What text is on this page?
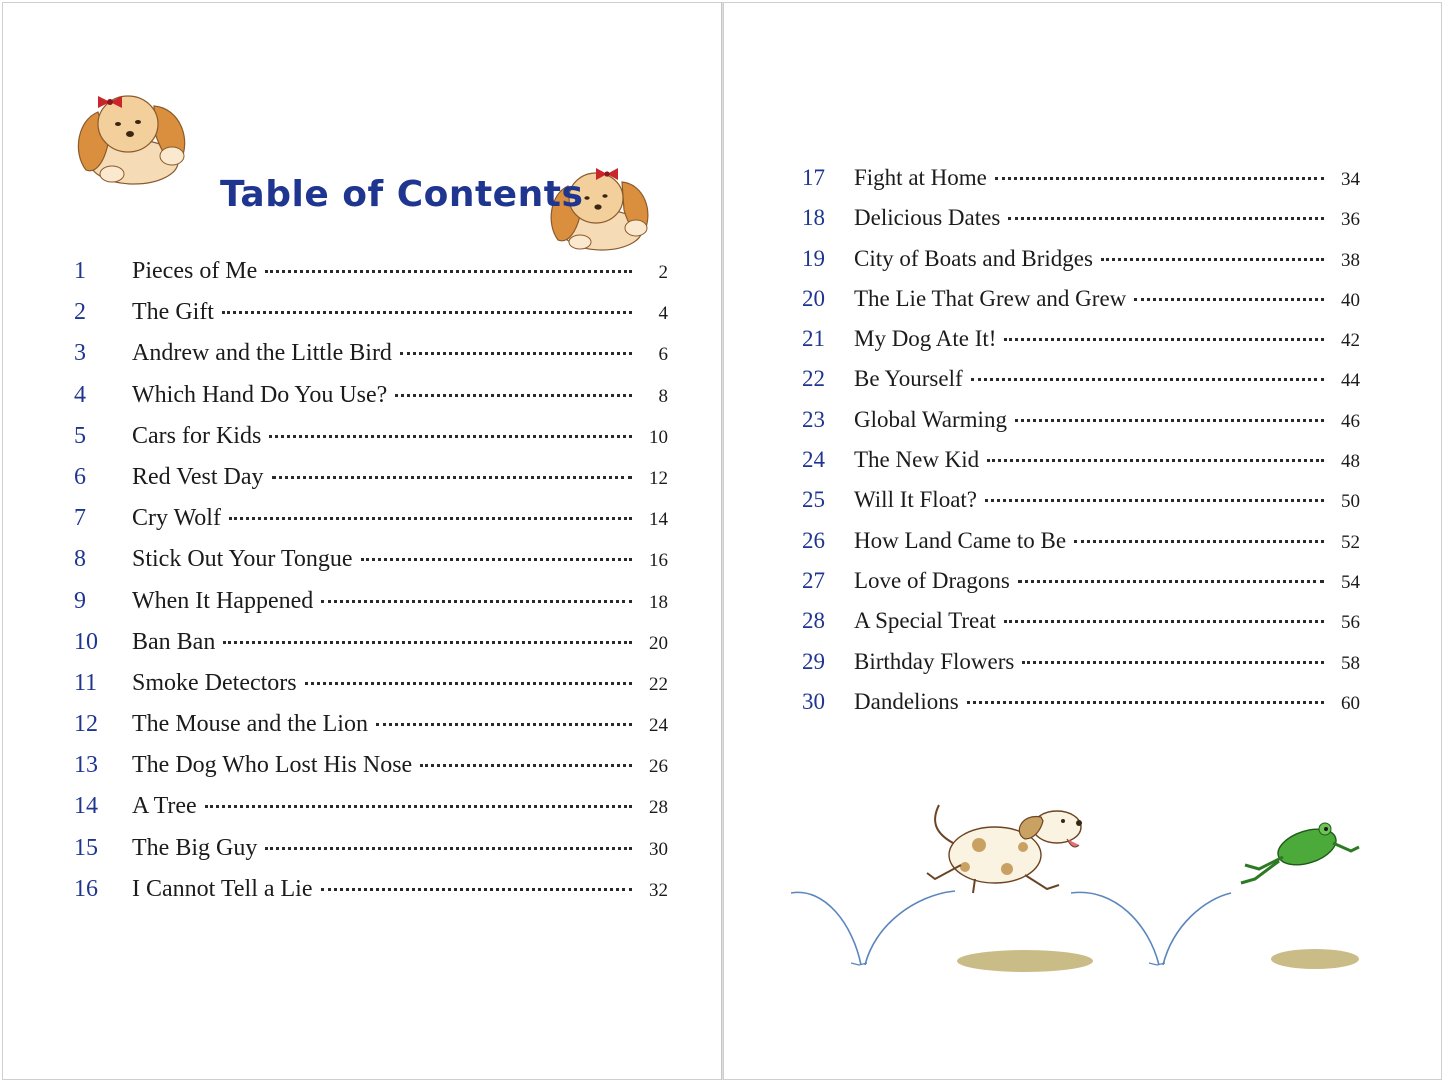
Table of Contents
1	Pieces of Me	2
2	The Gift	4
3	Andrew and the Little Bird	6
4	Which Hand Do You Use?	8
5	Cars for Kids	10
6	Red Vest Day	12
7	Cry Wolf	14
8	Stick Out Your Tongue	16
9	When It Happened	18
10	Ban Ban	20
11	Smoke Detectors	22
12	The Mouse and the Lion	24
13	The Dog Who Lost His Nose	26
14	A Tree	28
15	The Big Guy	30
16	I Cannot Tell a Lie	32
17	Fight at Home	34
18	Delicious Dates	36
19	City of Boats and Bridges	38
20	The Lie That Grew and Grew	40
21	My Dog Ate It!	42
22	Be Yourself	44
23	Global Warming	46
24	The New Kid	48
25	Will It Float?	50
26	How Land Came to Be	52
27	Love of Dragons	54
28	A Special Treat	56
29	Birthday Flowers	58
30	Dandelions	60
